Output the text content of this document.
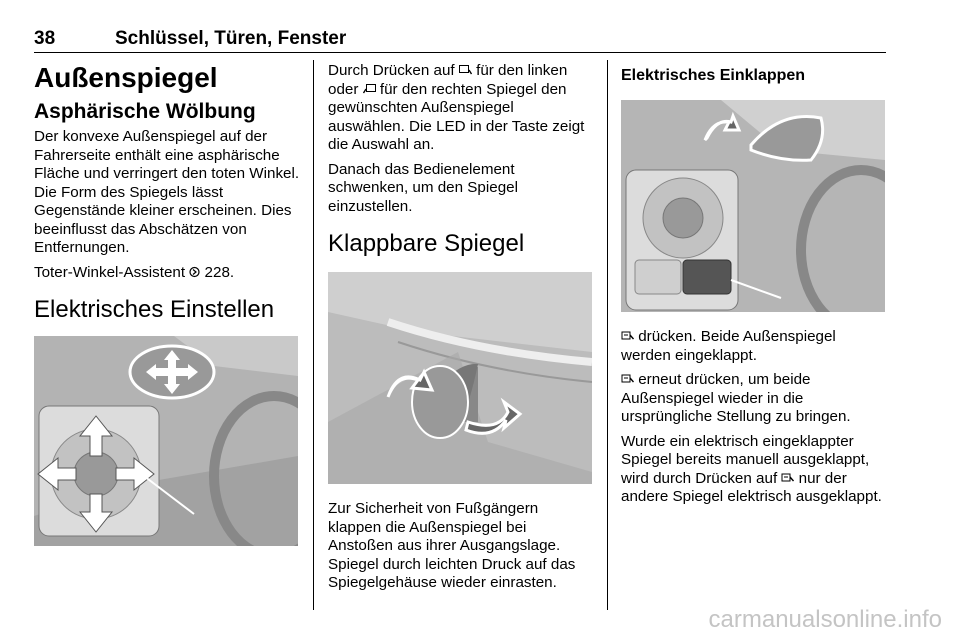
38	Schlüssel, Türen, Fenster
Außenspiegel
Asphärische Wölbung

Der konvexe Außenspiegel auf der Fahrerseite enthält eine asphärische Fläche und verringert den toten Winkel. Die Form des Spiegels lässt Gegenstände kleiner erscheinen. Dies beeinflusst das Abschätzen von Entfernungen.

Toter-Winkel-Assistent 228.

Elektrisches Einstellen

Durch Drücken auf für den linken oder für den rechten Spiegel den gewünschten Außenspiegel auswählen. Die LED in der Taste zeigt die Auswahl an.

Danach das Bedienelement schwenken, um den Spiegel einzustellen.

Klappbare Spiegel

Zur Sicherheit von Fußgängern klappen die Außenspiegel bei Anstoßen aus ihrer Ausgangslage. Spiegel durch leichten Druck auf das Spiegelgehäuse wieder einrasten.

Elektrisches Einklappen

drücken. Beide Außenspiegel werden eingeklappt.

erneut drücken, um beide Außenspiegel wieder in die ursprüngliche Stellung zu bringen.

Wurde ein elektrisch eingeklappter Spiegel bereits manuell ausgeklappt, wird durch Drücken auf nur der andere Spiegel elektrisch ausgeklappt.

carmanualsonline.info
